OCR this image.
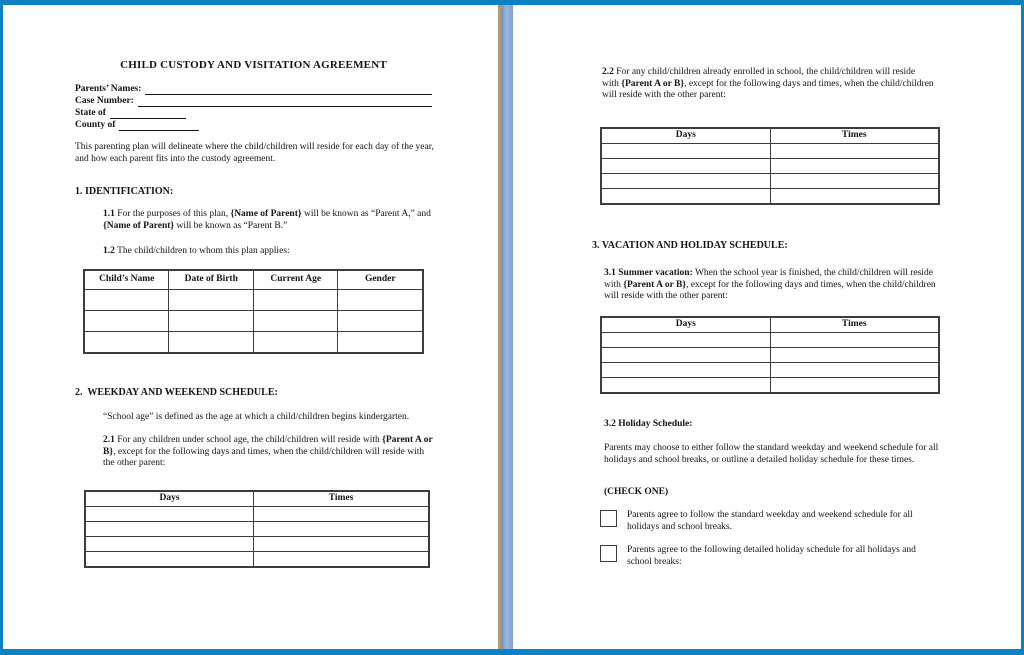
CHILD CUSTODY AND VISITATION AGREEMENT
Parents’ Names:
Case Number:
State of
County of

This parenting plan will delineate where the child/children will reside for each day of the year, and how each parent fits into the custody agreement.

1. IDENTIFICATION:

1.1 For the purposes of this plan, {Name of Parent} will be known as “Parent A,” and {Name of Parent} will be known as “Parent B.”

1.2 The child/children to whom this plan applies:

Child’s Name	Date of Birth	Current Age	Gender

2.  WEEKDAY AND WEEKEND SCHEDULE:

“School age” is defined as the age at which a child/children begins kindergarten.

2.1 For any children under school age, the child/children will reside with {Parent A or B}, except for the following days and times, when the child/children will reside with the other parent:

Days	Times

2.2 For any child/children already enrolled in school, the child/children will reside with {Parent A or B}, except for the following days and times, when the child/children will reside with the other parent:

Days	Times

3. VACATION AND HOLIDAY SCHEDULE:

3.1 Summer vacation: When the school year is finished, the child/children will reside with {Parent A or B}, except for the following days and times, when the child/children will reside with the other parent:

Days	Times

3.2 Holiday Schedule:

Parents may choose to either follow the standard weekday and weekend schedule for all holidays and school breaks, or outline a detailed holiday schedule for these times.

(CHECK ONE)
Parents agree to follow the standard weekday and weekend schedule for all holidays and school breaks.
Parents agree to the following detailed holiday schedule for all holidays and school breaks:
